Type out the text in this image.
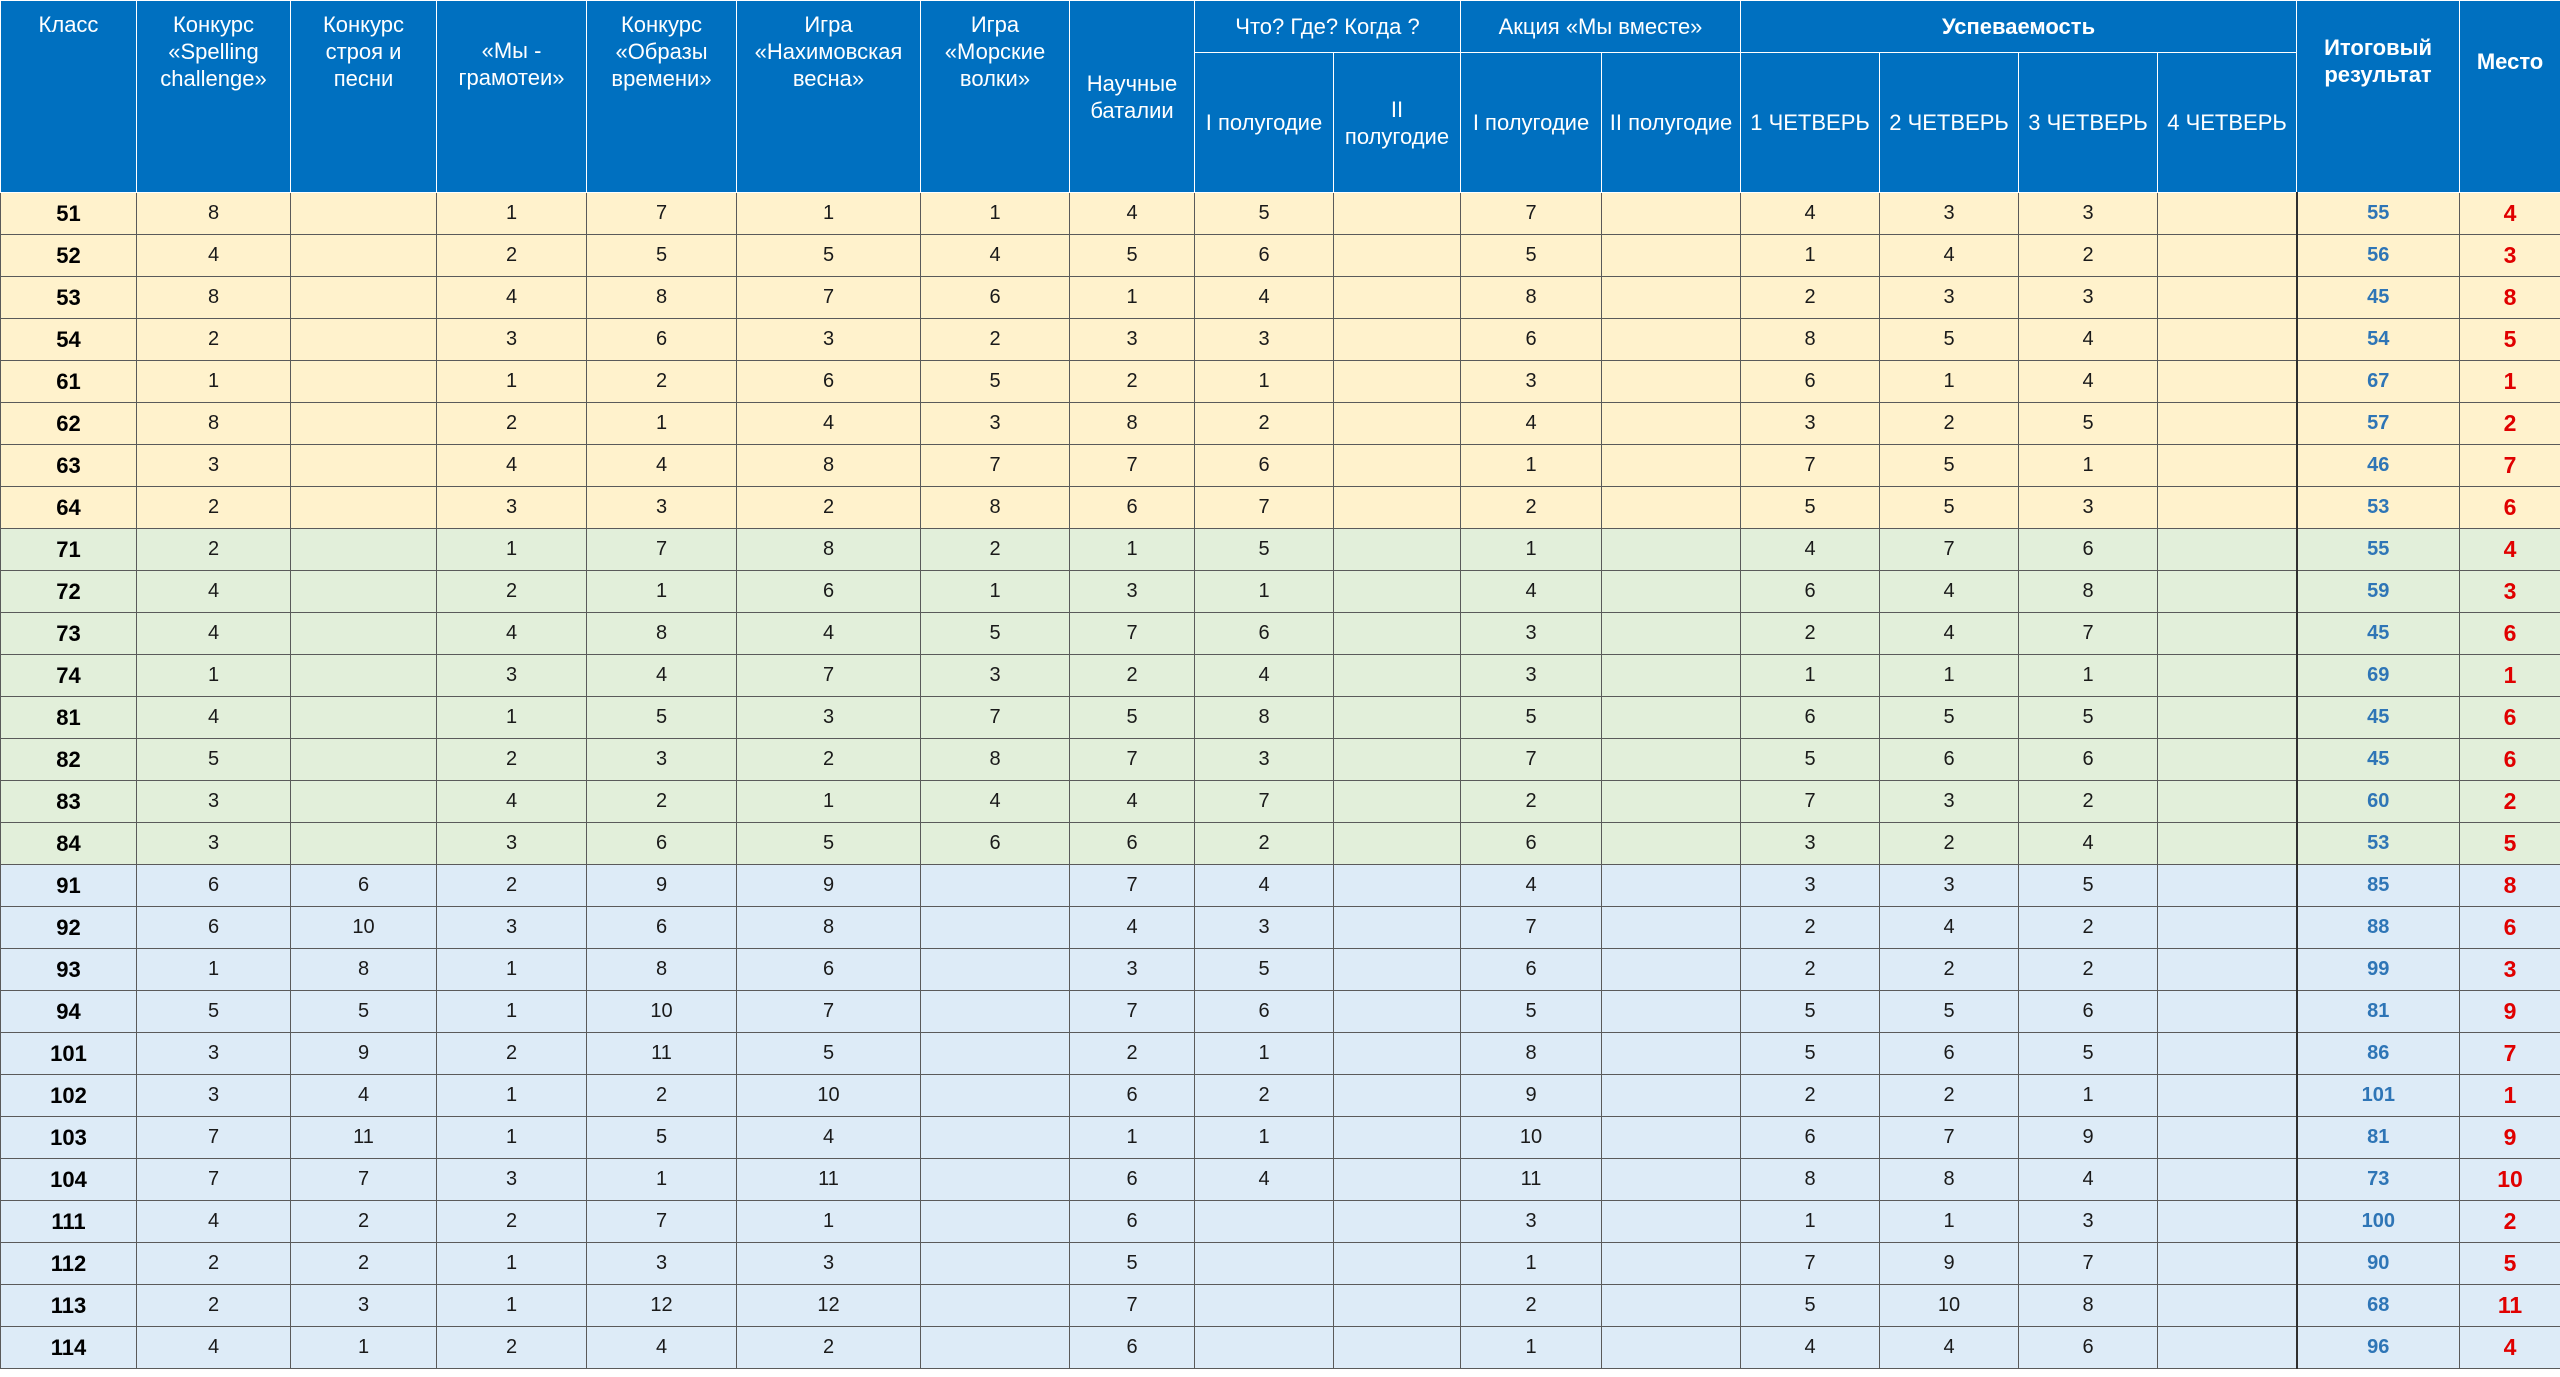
Класс	Конкурс «Spelling challenge»	Конкурс строя и песни	«Мы - грамотеи»	Конкурс «Образы времени»	Игра «Нахимовская весна»	Игра «Морские волки»	Научные баталии	Что? Где? Когда ?		Акция «Мы вместе»		Успеваемость				Итоговый результат	Место
								I полугодие	II полугодие	I полугодие	II полугодие	1 ЧЕТВЕРЬ	2 ЧЕТВЕРЬ	3 ЧЕТВЕРЬ	4 ЧЕТВЕРЬ		
51	8		1	7	1	1	4	5		7		4	3	3		55	4
52	4		2	5	5	4	5	6		5		1	4	2		56	3
53	8		4	8	7	6	1	4		8		2	3	3		45	8
54	2		3	6	3	2	3	3		6		8	5	4		54	5
61	1		1	2	6	5	2	1		3		6	1	4		67	1
62	8		2	1	4	3	8	2		4		3	2	5		57	2
63	3		4	4	8	7	7	6		1		7	5	1		46	7
64	2		3	3	2	8	6	7		2		5	5	3		53	6
71	2		1	7	8	2	1	5		1		4	7	6		55	4
72	4		2	1	6	1	3	1		4		6	4	8		59	3
73	4		4	8	4	5	7	6		3		2	4	7		45	6
74	1		3	4	7	3	2	4		3		1	1	1		69	1
81	4		1	5	3	7	5	8		5		6	5	5		45	6
82	5		2	3	2	8	7	3		7		5	6	6		45	6
83	3		4	2	1	4	4	7		2		7	3	2		60	2
84	3		3	6	5	6	6	2		6		3	2	4		53	5
91	6	6	2	9	9		7	4		4		3	3	5		85	8
92	6	10	3	6	8		4	3		7		2	4	2		88	6
93	1	8	1	8	6		3	5		6		2	2	2		99	3
94	5	5	1	10	7		7	6		5		5	5	6		81	9
101	3	9	2	11	5		2	1		8		5	6	5		86	7
102	3	4	1	2	10		6	2		9		2	2	1		101	1
103	7	11	1	5	4		1	1		10		6	7	9		81	9
104	7	7	3	1	11		6	4		11		8	8	4		73	10
111	4	2	2	7	1		6			3		1	1	3		100	2
112	2	2	1	3	3		5			1		7	9	7		90	5
113	2	3	1	12	12		7			2		5	10	8		68	11
114	4	1	2	4	2		6			1		4	4	6		96	4
